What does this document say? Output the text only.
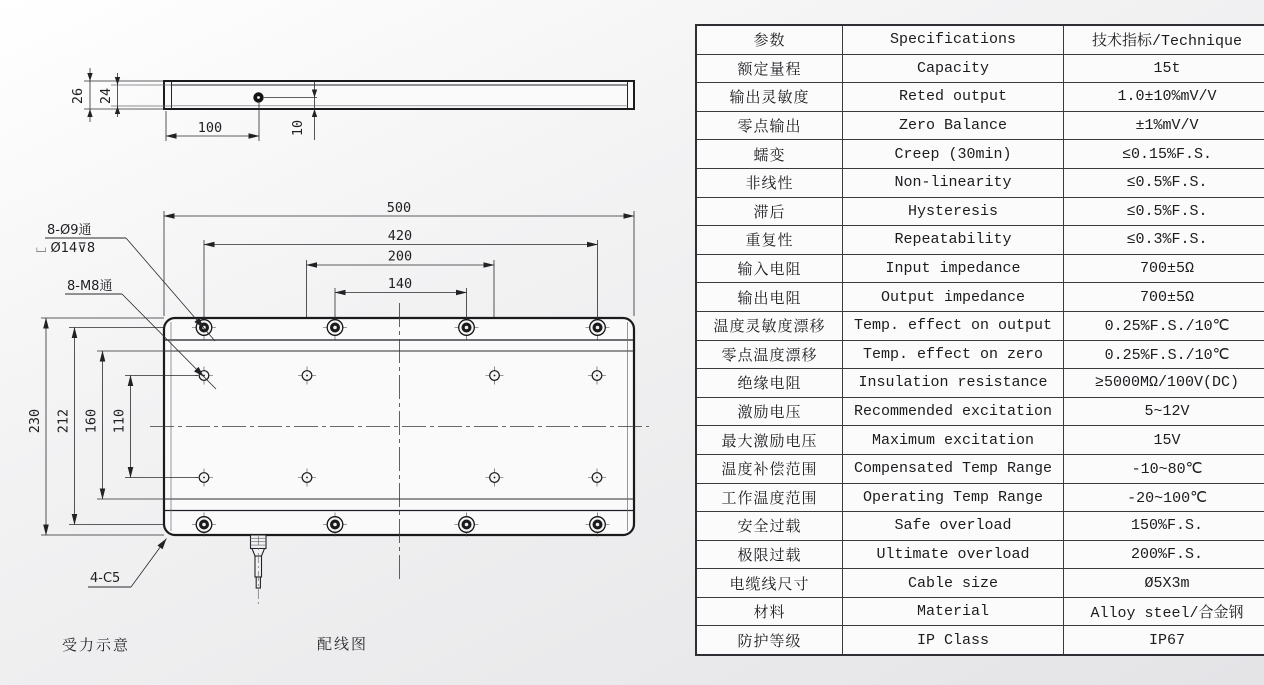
26 24
100	10
500
420
200
140
230 212 160 110
8-Ø9通
⌴ Ø14⊽8
8-M8通
4-C5
受力示意	配线图
参数	Specifications	技术指标/Technique
额定量程	Capacity	15t
输出灵敏度	Reted output	1.0±10%mV/V
零点输出	Zero Balance	±1%mV/V
蠕变	Creep (30min)	≤0.15%F.S.
非线性	Non-linearity	≤0.5%F.S.
滞后	Hysteresis	≤0.5%F.S.
重复性	Repeatability	≤0.3%F.S.
输入电阻	Input impedance	700±5Ω
输出电阻	Output impedance	700±5Ω
温度灵敏度漂移	Temp. effect on output	0.25%F.S./10℃
零点温度漂移	Temp. effect on zero	0.25%F.S./10℃
绝缘电阻	Insulation resistance	≥5000MΩ/100V(DC)
激励电压	Recommended excitation	5~12V
最大激励电压	Maximum excitation	15V
温度补偿范围	Compensated Temp Range	-10~80℃
工作温度范围	Operating Temp Range	-20~100℃
安全过载	Safe overload	150%F.S.
极限过载	Ultimate overload	200%F.S.
电缆线尺寸	Cable size	Ø5X3m
材料	Material	Alloy steel/合金钢
防护等级	IP Class	IP67
